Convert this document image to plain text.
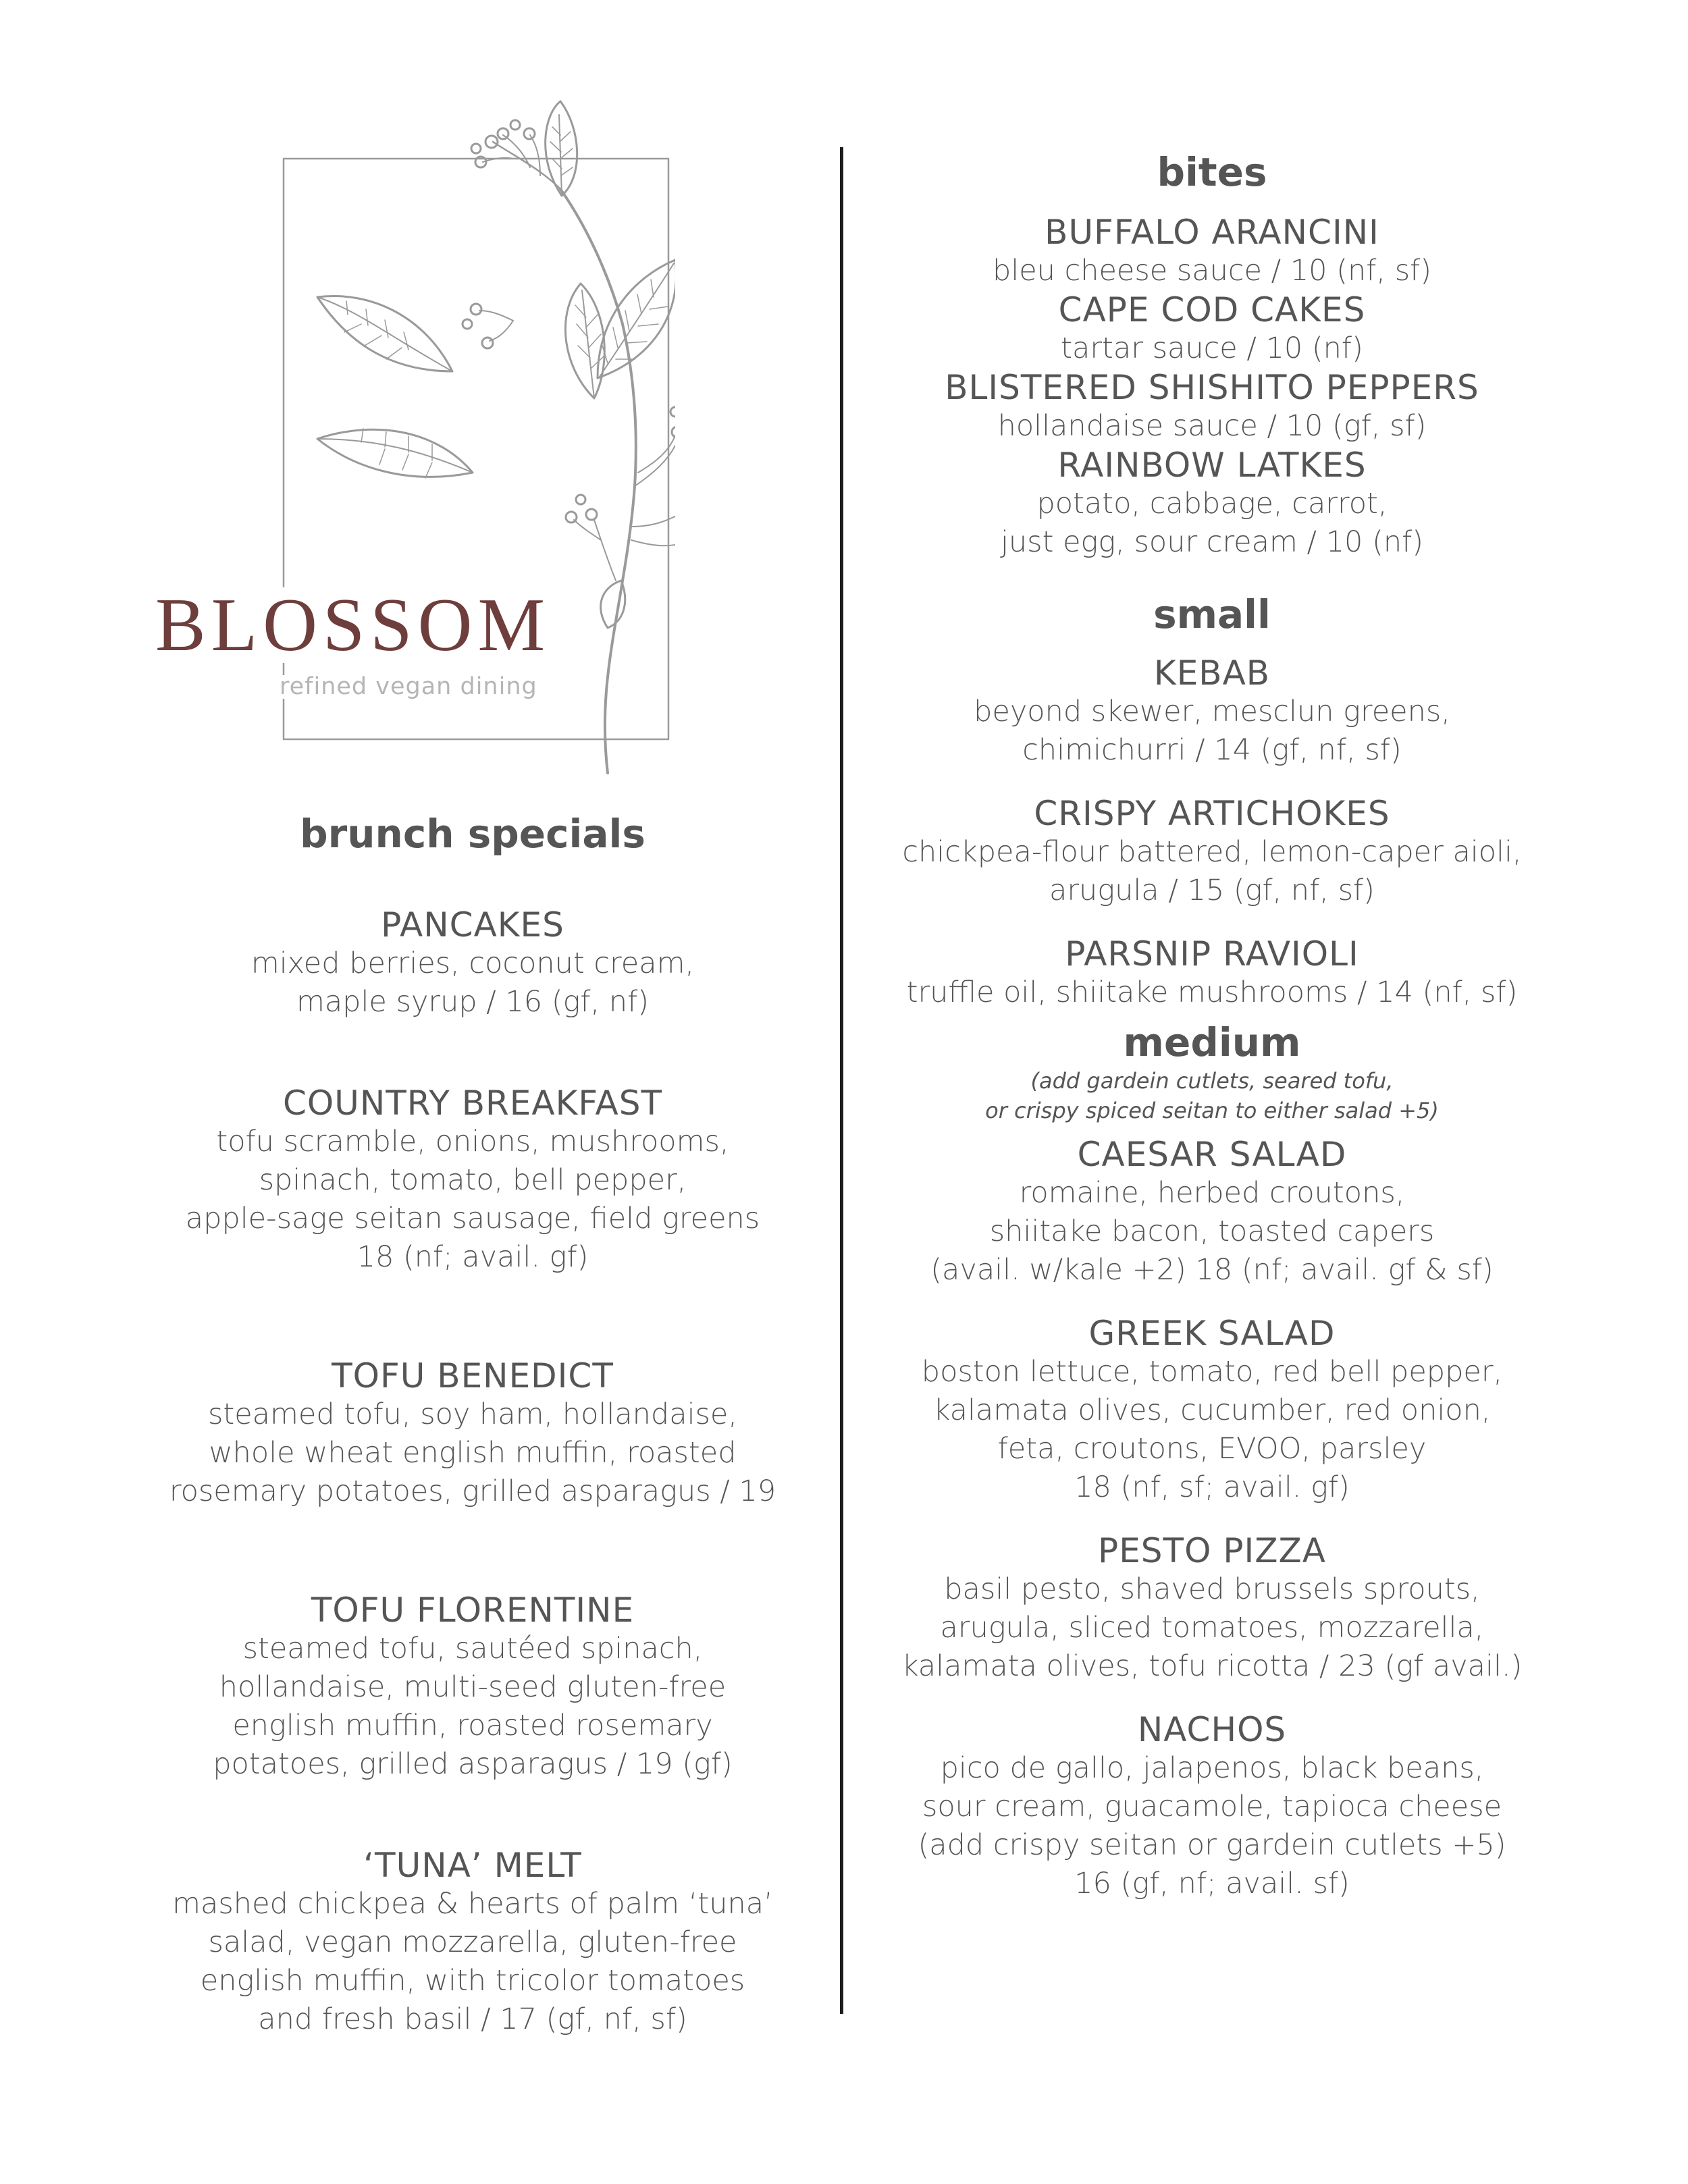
BLOSSOM
refined vegan dining
brunch specials
PANCAKES
mixed berries, coconut cream,
maple syrup / 16 (gf, nf)
COUNTRY BREAKFAST
tofu scramble, onions, mushrooms,
spinach, tomato, bell pepper,
apple-sage seitan sausage, field greens
18 (nf; avail. gf)
TOFU BENEDICT
steamed tofu, soy ham, hollandaise,
whole wheat english muffin, roasted
rosemary potatoes, grilled asparagus / 19
TOFU FLORENTINE
steamed tofu, sautéed spinach,
hollandaise, multi-seed gluten-free
english muffin, roasted rosemary
potatoes, grilled asparagus / 19 (gf)
‘TUNA’ MELT
mashed chickpea & hearts of palm ‘tuna’
salad, vegan mozzarella, gluten-free
english muffin, with tricolor tomatoes
and fresh basil / 17 (gf, nf, sf)
bites
BUFFALO ARANCINI
bleu cheese sauce / 10 (nf, sf)
CAPE COD CAKES
tartar sauce / 10 (nf)
BLISTERED SHISHITO PEPPERS
hollandaise sauce / 10 (gf, sf)
RAINBOW LATKES
potato, cabbage, carrot,
just egg, sour cream / 10 (nf)
small
KEBAB
beyond skewer, mesclun greens,
chimichurri / 14 (gf, nf, sf)
CRISPY ARTICHOKES
chickpea-flour battered, lemon-caper aioli,
arugula / 15 (gf, nf, sf)
PARSNIP RAVIOLI
truffle oil, shiitake mushrooms / 14 (nf, sf)
medium
(add gardein cutlets, seared tofu,
or crispy spiced seitan to either salad +5)
CAESAR SALAD
romaine, herbed croutons,
shiitake bacon, toasted capers
(avail. w/kale +2) 18 (nf; avail. gf & sf)
GREEK SALAD
boston lettuce, tomato, red bell pepper,
kalamata olives, cucumber, red onion,
feta, croutons, EVOO, parsley
18 (nf, sf; avail. gf)
PESTO PIZZA
basil pesto, shaved brussels sprouts,
arugula, sliced tomatoes, mozzarella,
kalamata olives, tofu ricotta / 23 (gf avail.)
NACHOS
pico de gallo, jalapenos, black beans,
sour cream, guacamole, tapioca cheese
(add crispy seitan or gardein cutlets +5)
16 (gf, nf; avail. sf)
